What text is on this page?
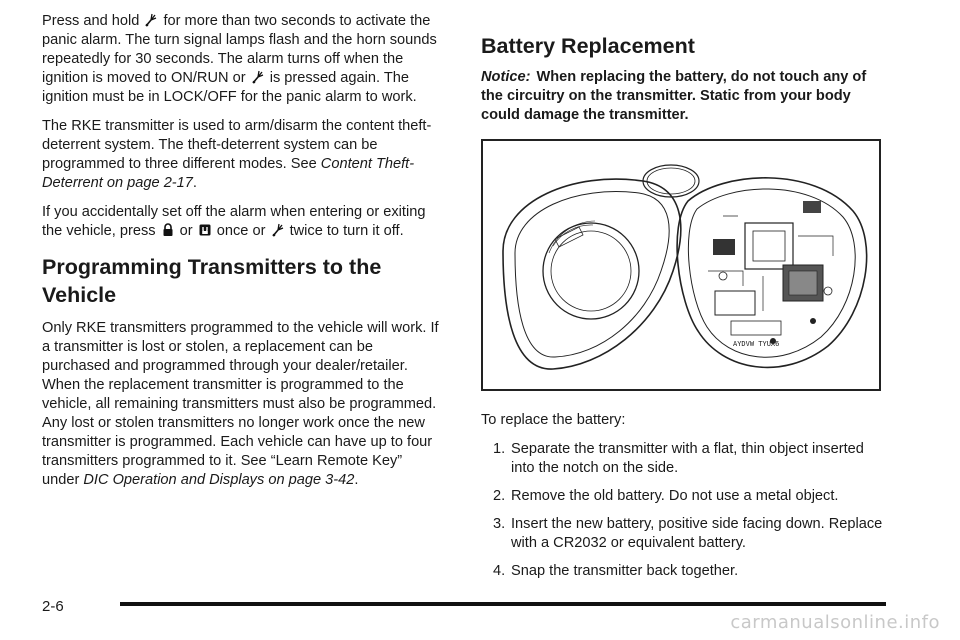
Press and hold  for more than two seconds to activate the panic alarm. The turn signal lamps flash and the horn sounds repeatedly for 30 seconds. The alarm turns off when the ignition is moved to ON/RUN or  is pressed again. The ignition must be in LOCK/OFF for the panic alarm to work.

The RKE transmitter is used to arm/disarm the content theft-deterrent system. The theft-deterrent system can be programmed to three different modes. See Content Theft-Deterrent on page 2-17.

If you accidentally set off the alarm when entering or exiting the vehicle, press  or  once or  twice to turn it off.

Programming Transmitters to the Vehicle

Only RKE transmitters programmed to the vehicle will work. If a transmitter is lost or stolen, a replacement can be purchased and programmed through your dealer/retailer. When the replacement transmitter is programmed to the vehicle, all remaining transmitters must also be programmed. Any lost or stolen transmitters no longer work once the new transmitter is programmed. Each vehicle can have up to four transmitters programmed to it. See “Learn Remote Key” under DIC Operation and Displays on page 3-42.

Battery Replacement

Notice: When replacing the battery, do not touch any of the circuitry on the transmitter. Static from your body could damage the transmitter.

AYDVW TYUX6

To replace the battery:

1. Separate the transmitter with a flat, thin object inserted into the notch on the side.
2. Remove the old battery. Do not use a metal object.
3. Insert the new battery, positive side facing down. Replace with a CR2032 or equivalent battery.
4. Snap the transmitter back together.
2-6
carmanualsonline.info
